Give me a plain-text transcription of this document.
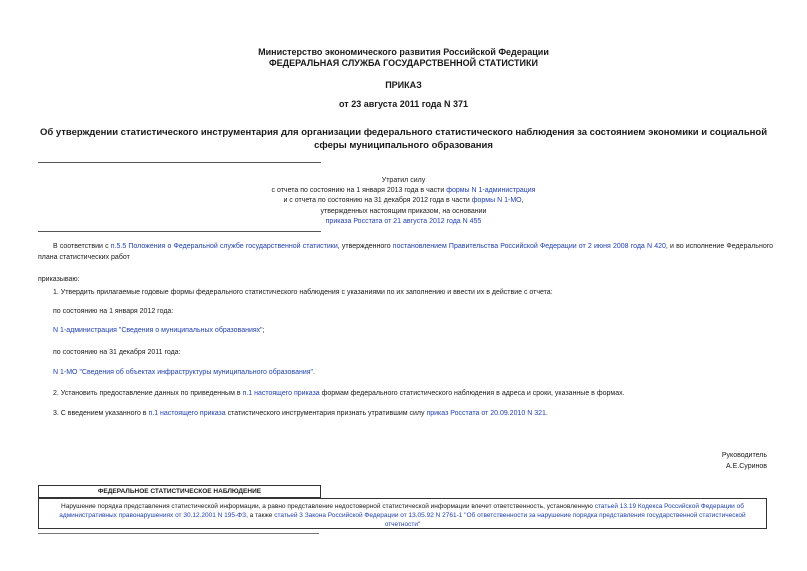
Министерство экономического развития Российской Федерации
ФЕДЕРАЛЬНАЯ СЛУЖБА ГОСУДАРСТВЕННОЙ СТАТИСТИКИ
ПРИКАЗ
от 23 августа 2011 года N 371
Об утверждении статистического инструментария для организации федерального статистического наблюдения за состоянием экономики и социальной сферы муниципального образования
Утратил силу
с отчета по состоянию на 1 января 2013 года в части формы N 1-администрация
и с отчета по состоянию на 31 декабря 2012 года в части формы N 1-МО,
утвержденных настоящим приказом, на основании
приказа Росстата от 21 августа 2012 года N 455
В соответствии с п.5.5 Положения о Федеральной службе государственной статистики, утвержденного постановлением Правительства Российской Федерации от 2 июня 2008 года N 420, и во исполнение Федерального плана статистических работ
приказываю:
1. Утвердить прилагаемые годовые формы федерального статистического наблюдения с указаниями по их заполнению и ввести их в действие с отчета:
по состоянию на 1 января 2012 года:
N 1-администрация "Сведения о муниципальных образованиях";
по состоянию на 31 декабря 2011 года:
N 1-МО "Сведения об объектах инфраструктуры муниципального образования".
2. Установить предоставление данных по приведенным в п.1 настоящего приказа формам федерального статистического наблюдения в адреса и сроки, указанные в формах.
3. С введением указанного в п.1 настоящего приказа статистического инструментария признать утратившим силу приказ Росстата от 20.09.2010 N 321.
Руководитель
А.Е.Суринов
ФЕДЕРАЛЬНОЕ СТАТИСТИЧЕСКОЕ НАБЛЮДЕНИЕ
Нарушение порядка представления статистической информации, а равно представление недостоверной статистической информации влечет ответственность, установленную статьей 13.19 Кодекса Российской Федерации об административных правонарушениях от 30.12.2001 N 195-ФЗ, а также статьей 3 Закона Российской Федерации от 13.05.92 N 2761-1 "Об ответственности за нарушение порядка представления государственной статистической отчетности"
